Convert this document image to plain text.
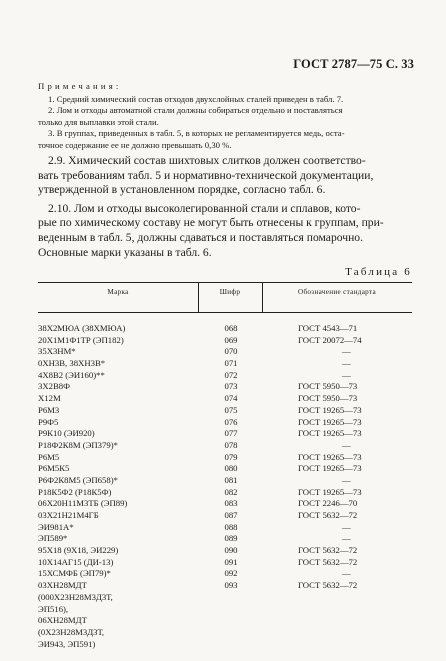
ГОСТ 2787—75 С. 33
Примечания:

1. Средний химический состав отходов двухслойных сталей приведен в табл. 7.

2. Лом и отходы автоматной стали должны собираться отдельно и поставляться

только для выплавки этой стали.

3. В группах, приведенных в табл. 5, в которых не регламентируется медь, оста-

точное содержание ее не должно превышать 0,30 %.

2.9. Химический состав шихтовых слитков должен соответство-
вать требованиям табл. 5 и нормативно-технической документации,
утвержденной в установленном порядке, согласно табл. 6.
2.10. Лом и отходы высоколегированной стали и сплавов, кото-
рые по химическому составу не могут быть отнесены к группам, при-
веденным в табл. 5, должны сдаваться и поставляться помарочно.
Основные марки указаны в табл. 6.
Таблица 6
Марка	Шифр	Обозначение стандарта
38Х2МЮА (38ХМЮА)	068	ГОСТ 4543—71
20Х1М1Ф1ТР (ЭП182)	069	ГОСТ 20072—74
35Х3НМ*	070	—
0ХН3В, 38ХН3В*	071	—
4Х8В2 (ЭИ160)**	072	—
3Х2В8Ф	073	ГОСТ 5950—73
Х12М	074	ГОСТ 5950—73
Р6М3	075	ГОСТ 19265—73
Р9Ф5	076	ГОСТ 19265—73
Р9К10 (ЭИ920)	077	ГОСТ 19265—73
Р18Ф2К8М (ЭП379)*	078	—
Р6М5	079	ГОСТ 19265—73
Р6М5К5	080	ГОСТ 19265—73
Р6Ф2К8М5 (ЭП658)*	081	—
Р18К5Ф2 (Р18К5Ф)	082	ГОСТ 19265—73
06Х20Н11М3ТБ (ЭП89)	083	ГОСТ 2246—70
03Х21Н21М4ГБ	087	ГОСТ 5632—72
ЭИ981А*	088	—
ЭП589*	089	—
95Х18 (9Х18, ЭИ229)	090	ГОСТ 5632—72
10Х14АГ15 (ДИ-13)	091	ГОСТ 5632—72
15ХСМФБ (ЭП79)*	092	—
03ХН28МДТ	093	ГОСТ 5632—72
(000Х23Н28М3Д3Т,
ЭП516),
06ХН28МДТ
(0Х23Н28М3Д3Т,
ЭИ943, ЭП591)
